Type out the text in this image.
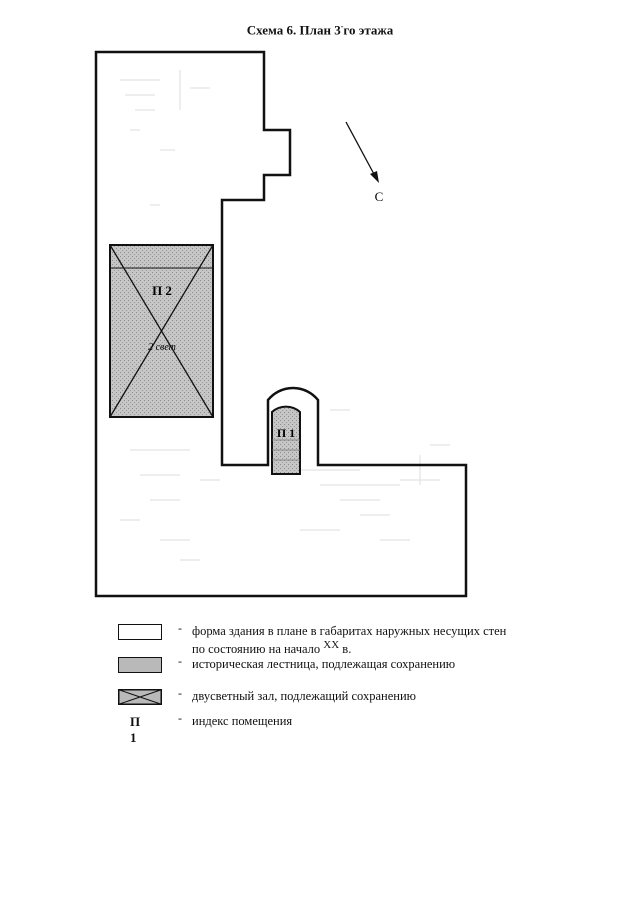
Схема 6. План 3-го этажа
П 2
2 свет
П 1
С
- форма здания в плане в габаритах наружных несущих стен по состоянию на начало $^{XX}$ в.
- историческая лестница, подлежащая сохранению
- двусветный зал, подлежащий сохранению
П 1
- индекс помещения
